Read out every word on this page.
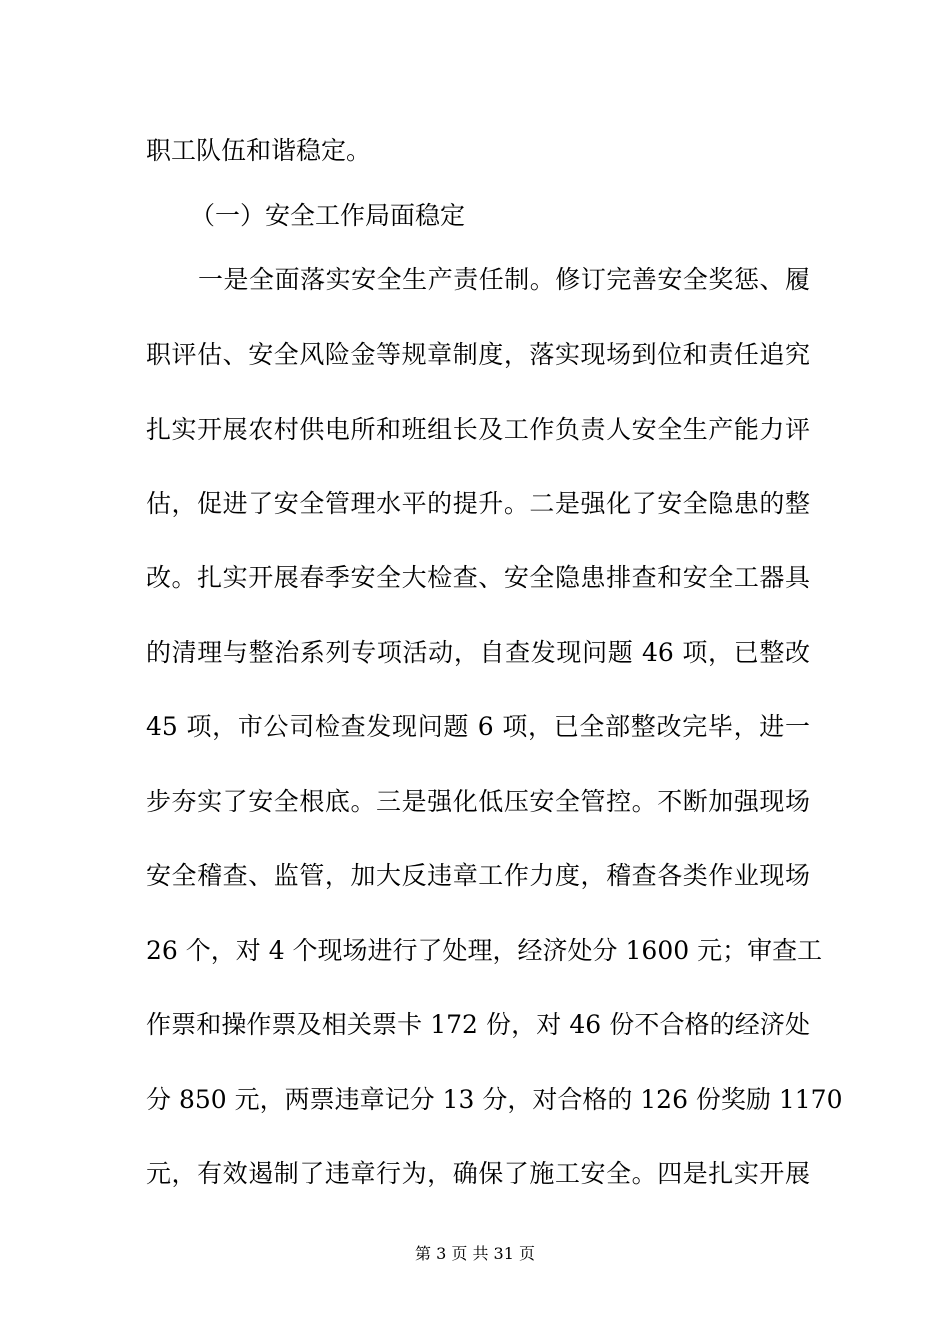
职工队伍和谐稳定。
（一）安全工作局面稳定
一是全面落实安全生产责任制。修订完善安全奖惩、履
职评估、安全风险金等规章制度，落实现场到位和责任追究
扎实开展农村供电所和班组长及工作负责人安全生产能力评
估，促进了安全管理水平的提升。二是强化了安全隐患的整
改。扎实开展春季安全大检查、安全隐患排查和安全工器具
的清理与整治系列专项活动，自查发现问题 46 项，已整改
45 项，市公司检查发现问题 6 项，已全部整改完毕，进一
步夯实了安全根底。三是强化低压安全管控。不断加强现场
安全稽查、监管，加大反违章工作力度，稽查各类作业现场
26 个，对 4 个现场进行了处理，经济处分 1600 元；审查工
作票和操作票及相关票卡 172 份，对 46 份不合格的经济处
分 850 元，两票违章记分 13 分，对合格的 126 份奖励 1170
元，有效遏制了违章行为，确保了施工安全。四是扎实开展
第 3 页 共 31 页
